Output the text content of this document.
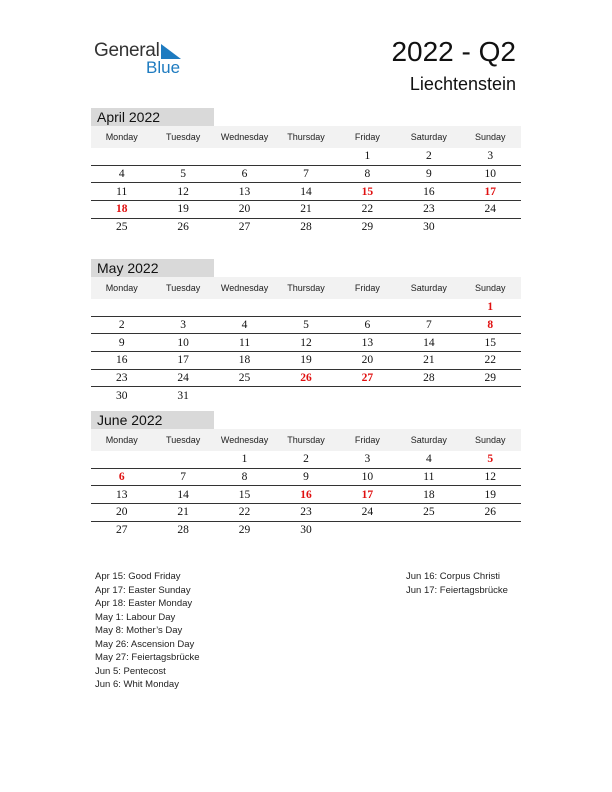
General
Blue
2022 - Q2
Liechtenstein
April 2022
Monday	Tuesday	Wednesday	Thursday	Friday	Saturday	Sunday
				1	2	3
4	5	6	7	8	9	10
11	12	13	14	15	16	17
18	19	20	21	22	23	24
25	26	27	28	29	30	
May 2022
Monday	Tuesday	Wednesday	Thursday	Friday	Saturday	Sunday
						1
2	3	4	5	6	7	8
9	10	11	12	13	14	15
16	17	18	19	20	21	22
23	24	25	26	27	28	29
30	31					
June 2022
Monday	Tuesday	Wednesday	Thursday	Friday	Saturday	Sunday
		1	2	3	4	5
6	7	8	9	10	11	12
13	14	15	16	17	18	19
20	21	22	23	24	25	26
27	28	29	30			
Apr 15: Good Friday
Apr 17: Easter Sunday
Apr 18: Easter Monday
May 1: Labour Day
May 8: Mother’s Day
May 26: Ascension Day
May 27: Feiertagsbrücke
Jun 5: Pentecost
Jun 6: Whit Monday
Jun 16: Corpus Christi
Jun 17: Feiertagsbrücke
